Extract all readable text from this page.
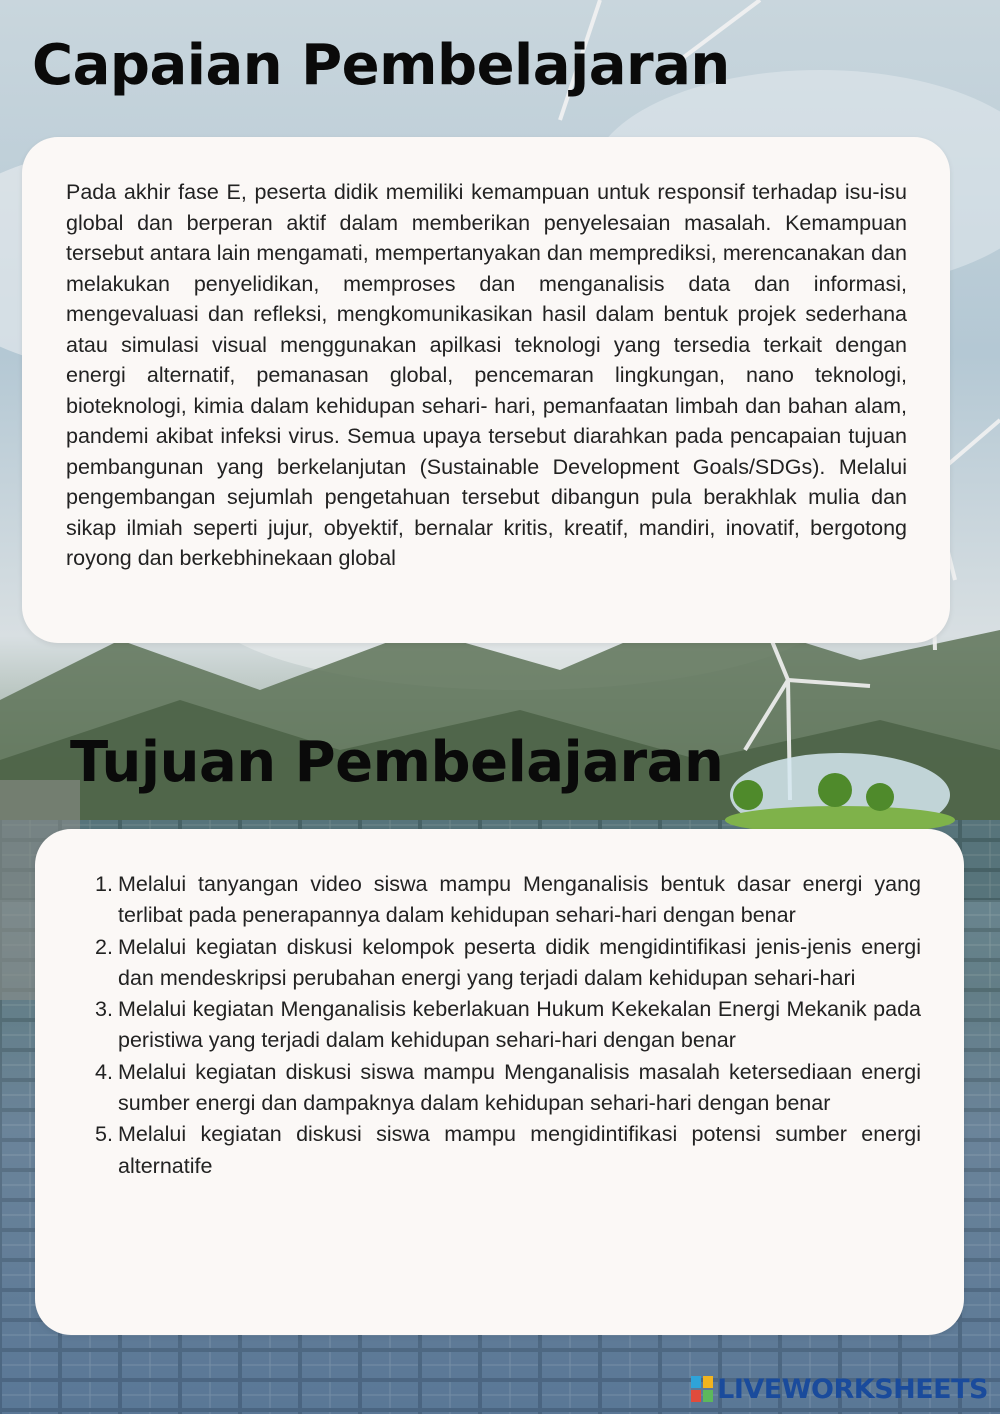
Capaian Pembelajaran

Pada akhir fase E, peserta didik memiliki kemampuan untuk responsif terhadap isu-isu global dan berperan aktif dalam memberikan penyelesaian masalah. Kemampuan tersebut antara lain mengamati, mempertanyakan dan memprediksi, merencanakan dan melakukan penyelidikan, memproses dan menganalisis data dan informasi, mengevaluasi dan refleksi, mengkomunikasikan hasil dalam bentuk projek sederhana atau simulasi visual menggunakan apilkasi teknologi yang tersedia terkait dengan energi alternatif, pemanasan global, pencemaran lingkungan, nano teknologi, bioteknologi, kimia dalam kehidupan sehari- hari, pemanfaatan limbah dan bahan alam, pandemi akibat infeksi virus. Semua upaya tersebut diarahkan pada pencapaian tujuan pembangunan yang berkelanjutan (Sustainable Development Goals/SDGs). Melalui pengembangan sejumlah pengetahuan tersebut dibangun pula berakhlak mulia dan sikap ilmiah seperti jujur, obyektif, bernalar kritis, kreatif, mandiri, inovatif, bergotong royong dan berkebhinekaan global

Tujuan Pembelajaran
1. Melalui tanyangan video siswa mampu Menganalisis bentuk dasar energi yang terlibat pada penerapannya dalam kehidupan sehari-hari dengan benar
2. Melalui kegiatan diskusi kelompok peserta didik mengidintifikasi jenis-jenis energi dan mendeskripsi perubahan energi yang terjadi dalam kehidupan sehari-hari
3. Melalui kegiatan Menganalisis keberlakuan Hukum Kekekalan Energi Mekanik pada peristiwa yang terjadi dalam kehidupan sehari-hari dengan benar
4. Melalui kegiatan diskusi siswa mampu Menganalisis masalah ketersediaan energi sumber energi dan dampaknya dalam kehidupan sehari-hari dengan benar
5. Melalui kegiatan diskusi siswa mampu mengidintifikasi potensi sumber energi alternatife
LIVEWORKSHEETS
